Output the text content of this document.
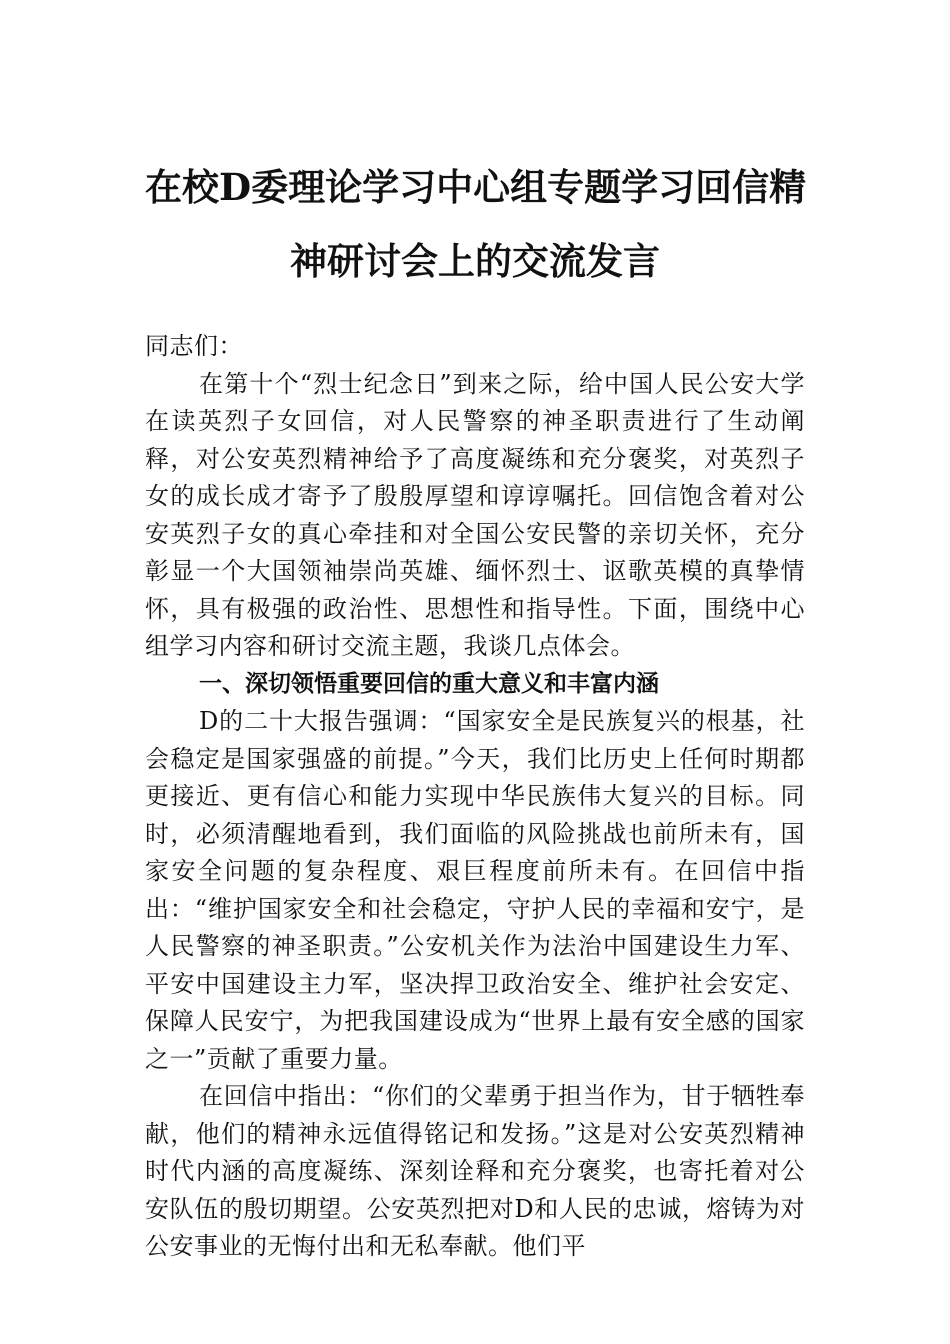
在校D委理论学习中心组专题学习回信精
神研讨会上的交流发言

同志们：

在第十个“烈士纪念日”到来之际，给中国人民公安大学在读英烈子女回信，对人民警察的神圣职责进行了生动阐释，对公安英烈精神给予了高度凝练和充分褒奖，对英烈子女的成长成才寄予了殷殷厚望和谆谆嘱托。回信饱含着对公安英烈子女的真心牵挂和对全国公安民警的亲切关怀，充分彰显一个大国领袖崇尚英雄、缅怀烈士、讴歌英模的真挚情怀，具有极强的政治性、思想性和指导性。下面，围绕中心组学习内容和研讨交流主题，我谈几点体会。

一、深切领悟重要回信的重大意义和丰富内涵

D的二十大报告强调：“国家安全是民族复兴的根基，社会稳定是国家强盛的前提。”今天，我们比历史上任何时期都更接近、更有信心和能力实现中华民族伟大复兴的目标。同时，必须清醒地看到，我们面临的风险挑战也前所未有，国家安全问题的复杂程度、艰巨程度前所未有。在回信中指出：“维护国家安全和社会稳定，守护人民的幸福和安宁，是人民警察的神圣职责。”公安机关作为法治中国建设生力军、平安中国建设主力军，坚决捍卫政治安全、维护社会安定、保障人民安宁，为把我国建设成为“世界上最有安全感的国家之一”贡献了重要力量。

在回信中指出：“你们的父辈勇于担当作为，甘于牺牲奉献，他们的精神永远值得铭记和发扬。”这是对公安英烈精神时代内涵的高度凝练、深刻诠释和充分褒奖，也寄托着对公安队伍的殷切期望。公安英烈把对D和人民的忠诚，熔铸为对公安事业的无悔付出和无私奉献。他们平
